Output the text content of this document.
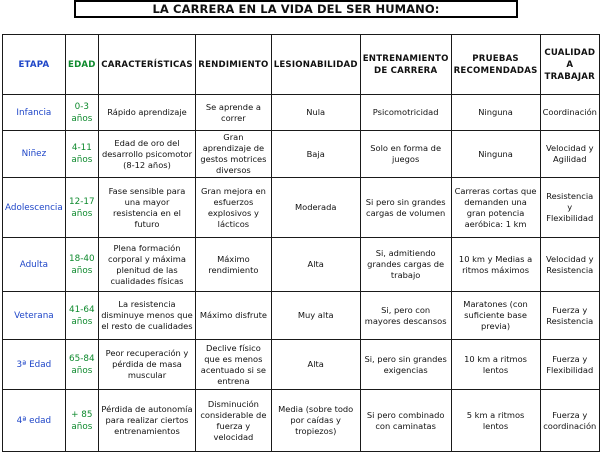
LA CARRERA EN LA VIDA DEL SER HUMANO:
ETAPA	EDAD	CARACTERÍSTICAS	RENDIMIENTO	LESIONABILIDAD	ENTRENAMIENTO DE CARRERA	PRUEBAS RECOMENDADAS	CUALIDAD A TRABAJAR
Infancia	0-3 años	Rápido aprendizaje	Se aprende a correr	Nula	Psicomotricidad	Ninguna	Coordinación
Niñez	4-11 años	Edad de oro del desarrollo psicomotor (8-12 años)	Gran aprendizaje de gestos motrices diversos	Baja	Solo en forma de juegos	Ninguna	Velocidad y Agilidad
Adolescencia	12-17 años	Fase sensible para una mayor resistencia en el futuro	Gran mejora en esfuerzos explosivos y lácticos	Moderada	Si pero sin grandes cargas de volumen	Carreras cortas que demanden una gran potencia aeróbica: 1 km	Resistencia y Flexibilidad
Adulta	18-40 años	Plena formación corporal y máxima plenitud de las cualidades físicas	Máximo rendimiento	Alta	Si, admitiendo grandes cargas de trabajo	10 km y Medias a ritmos máximos	Velocidad y Resistencia
Veterana	41-64 años	La resistencia disminuye menos que el resto de cualidades	Máximo disfrute	Muy alta	Si, pero con mayores descansos	Maratones (con suficiente base previa)	Fuerza y Resistencia
3ª Edad	65-84 años	Peor recuperación y pérdida de masa muscular	Declive físico que es menos acentuado si se entrena	Alta	Si, pero sin grandes exigencias	10 km a ritmos lentos	Fuerza y Flexibilidad
4ª edad	+ 85 años	Pérdida de autonomía para realizar ciertos entrenamientos	Disminución considerable de fuerza y velocidad	Media (sobre todo por caídas y tropiezos)	Si pero combinado con caminatas	5 km a ritmos lentos	Fuerza y coordinación
